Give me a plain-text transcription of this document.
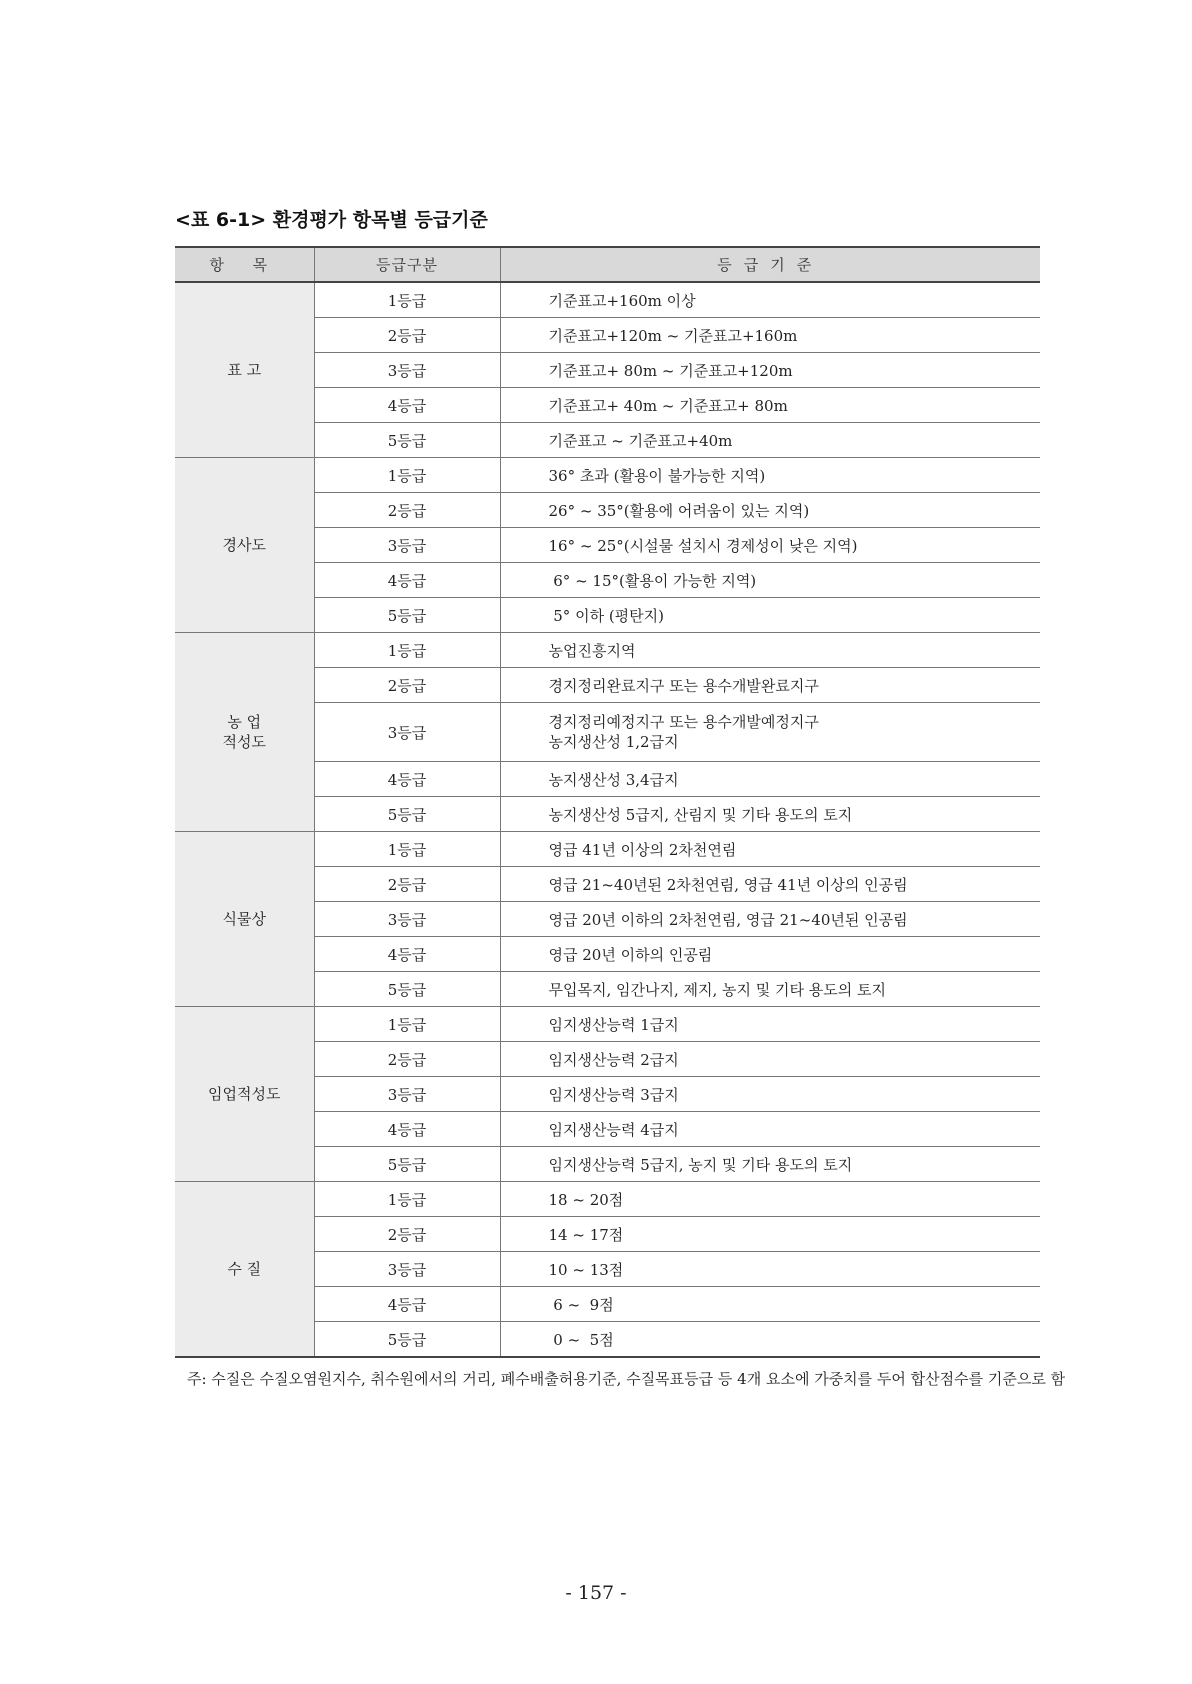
<표 6-1> 환경평가 항목별 등급기준
항 목	등급구분	등급기준
표 고	1등급	기준표고+160m 이상
	2등급	기준표고+120m ~ 기준표고+160m
	3등급	기준표고+ 80m ~ 기준표고+120m
	4등급	기준표고+ 40m ~ 기준표고+ 80m
	5등급	기준표고 ~ 기준표고+40m
경사도	1등급	36° 초과 (활용이 불가능한 지역)
	2등급	26° ~ 35°(활용에 어려움이 있는 지역)
	3등급	16° ~ 25°(시설물 설치시 경제성이 낮은 지역)
	4등급	6° ~ 15°(활용이 가능한 지역)
	5등급	5° 이하 (평탄지)
농 업
적성도	1등급	농업진흥지역
	2등급	경지정리완료지구 또는 용수개발완료지구
	3등급	경지정리예정지구 또는 용수개발예정지구
농지생산성 1,2급지
	4등급	농지생산성 3,4급지
	5등급	농지생산성 5급지, 산림지 및 기타 용도의 토지
식물상	1등급	영급 41년 이상의 2차천연림
	2등급	영급 21~40년된 2차천연림, 영급 41년 이상의 인공림
	3등급	영급 20년 이하의 2차천연림, 영급 21~40년된 인공림
	4등급	영급 20년 이하의 인공림
	5등급	무입목지, 임간나지, 제지, 농지 및 기타 용도의 토지
임업적성도	1등급	임지생산능력 1급지
	2등급	임지생산능력 2급지
	3등급	임지생산능력 3급지
	4등급	임지생산능력 4급지
	5등급	임지생산능력 5급지, 농지 및 기타 용도의 토지
수 질	1등급	18 ~ 20점
	2등급	14 ~ 17점
	3등급	10 ~ 13점
	4등급	6 ~  9점
	5등급	0 ~  5점
주: 수질은 수질오염원지수, 취수원에서의 거리, 폐수배출허용기준, 수질목표등급 등 4개 요소에 가중치를 두어 합산점수를 기준으로 함
- 157 -
